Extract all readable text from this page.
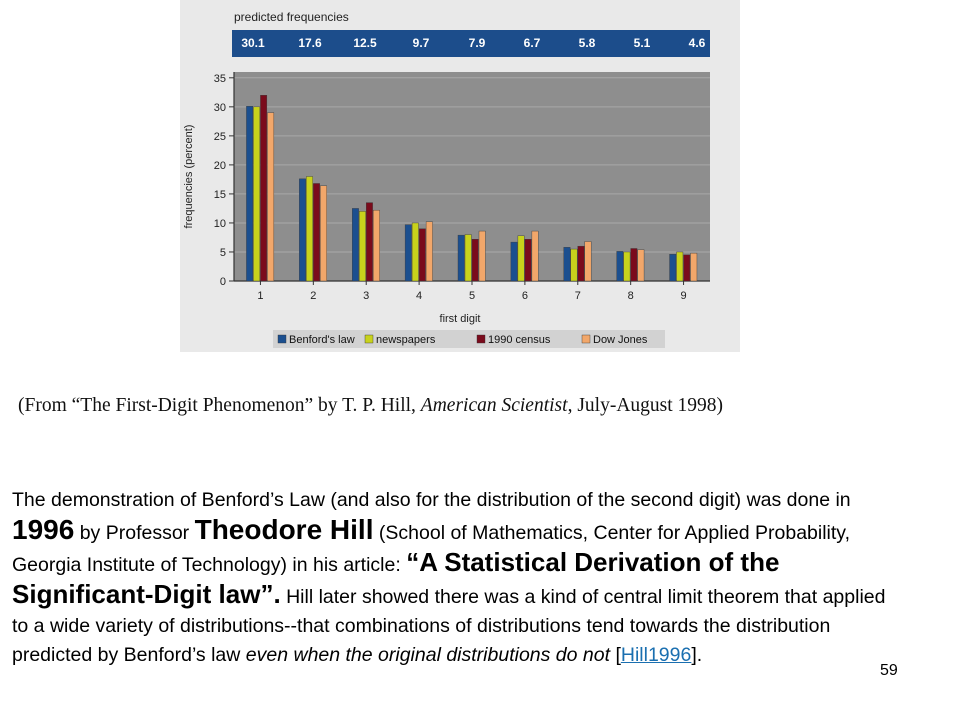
predicted frequencies
30.1	17.6	12.5	9.7	7.9	6.7	5.8	5.1	4.6
0
5
10
15
20
25
30
35
frequencies (percent)
1	2	3	4	5	6	7	8	9
first digit
Benford's law newspapers	1990 census	Dow Jones
(From “The First-Digit Phenomenon” by T. P. Hill, American Scientist, July-August 1998)
The demonstration of Benford’s Law (and also for the distribution of the second digit) was done in 1996 by Professor Theodore Hill (School of Mathematics, Center for Applied Probability, Georgia Institute of Technology) in his article: “A Statistical Derivation of the Significant-Digit law”. Hill later showed there was a kind of central limit theorem that applied to a wide variety of distributions--that combinations of distributions tend towards the distribution predicted by Benford’s law even when the original distributions do not [Hill1996].
59
